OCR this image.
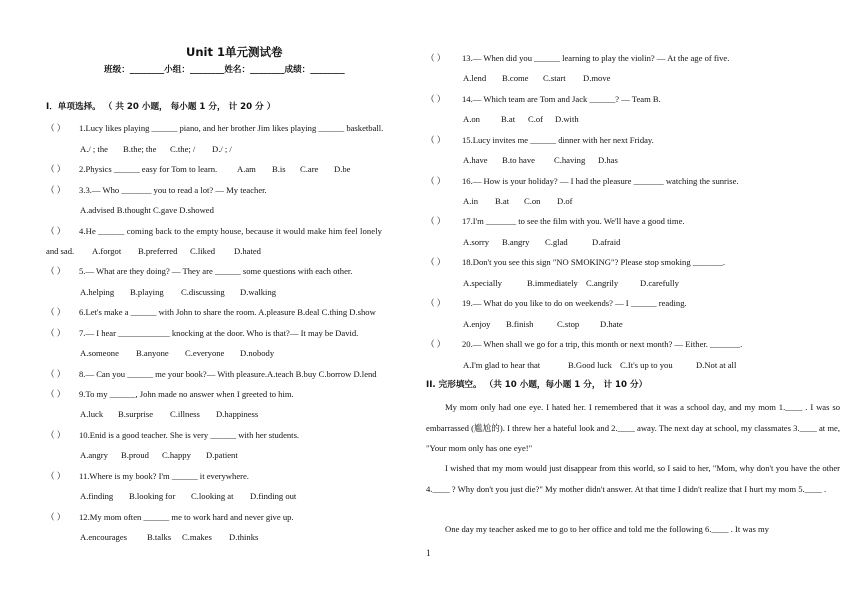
Unit 1单元测试卷
班级：________小组：________姓名：________成绩：________
I．单项选择。 （ 共 20 小题， 每小题 1 分， 计 20 分 ）
（ ） 1.Lucy likes playing ______ piano, and her brother Jim likes playing ______ basketball.
A./ ; the B.the; the C.the; / D./ ; /
（ ） 2.Physics ______ easy for Tom to learn. A.am B.is C.are D.be
（ ） 3.3.— Who _______ you to read a lot? — My teacher.
A.advised B.thought C.gave D.showed
（ ） 4.He ______ coming back to the empty house, because it would make him feel lonely
and sad. A.forgot B.preferred C.liked D.hated
（ ） 5.— What are they doing? — They are ______ some questions with each other.
A.helping B.playing C.discussing D.walking
（ ） 6.Let's make a ______ with John to share the room. A.pleasure B.deal C.thing D.show
（ ） 7.— I hear ____________ knocking at the door. Who is that?— It may be David.
A.someone B.anyone C.everyone D.nobody
（ ） 8.— Can you ______ me your book?— With pleasure.A.teach B.buy C.borrow D.lend
（ ） 9.To my ______, John made no answer when I greeted to him.
A.luck B.surprise C.illness D.happiness
（ ） 10.Enid is a good teacher. She is very ______ with her students.
A.angry B.proud C.happy D.patient
（ ） 11.Where is my book? I'm ______ it everywhere.
A.finding B.looking for C.looking at D.finding out
（ ） 12.My mom often ______ me to work hard and never give up.
A.encourages B.talks C.makes D.thinks
（ ） 13.— When did you ______ learning to play the violin? — At the age of five.
A.lend B.come C.start D.move
（ ） 14.— Which team are Tom and Jack ______? — Team B.
A.on B.at C.of D.with
（ ） 15.Lucy invites me ______ dinner with her next Friday.
A.have B.to have C.having D.has
（ ） 16.— How is your holiday? — I had the pleasure _______ watching the sunrise.
A.in B.at C.on D.of
（ ） 17.I'm _______ to see the film with you. We'll have a good time.
A.sorry B.angry C.glad	D.afraid
（ ） 18.Don't you see this sign "NO SMOKING"? Please stop smoking _______.
A.specially	B.immediately C.angrily	D.carefully
（ ） 19.— What do you like to do on weekends? — I ______ reading.
A.enjoy B.finish	C.stop D.hate
（ ） 20.— When shall we go for a trip, this month or next month? — Either. _______.
A.I'm glad to hear that	B.Good luck C.It's up to you	D.Not at all
II. 完形填空。 （共 10 小题，每小题 1 分， 计 10 分）
My mom only had one eye. I hated her. I remembered that it was a school day, and my mom 1.____ . I was so embarrassed (尴尬的). I threw her a hateful look and 2.____ away. The next day at school, my classmates 3.____ at me, "Your mom only has one eye!"
I wished that my mom would just disappear from this world, so I said to her, "Mom, why don't you have the other 4.____ ? Why don't you just die?" My mother didn't answer. At that time I didn't realize that I hurt my mom 5.____ .
One day my teacher asked me to go to her office and told me the following 6.____ . It was my
1
